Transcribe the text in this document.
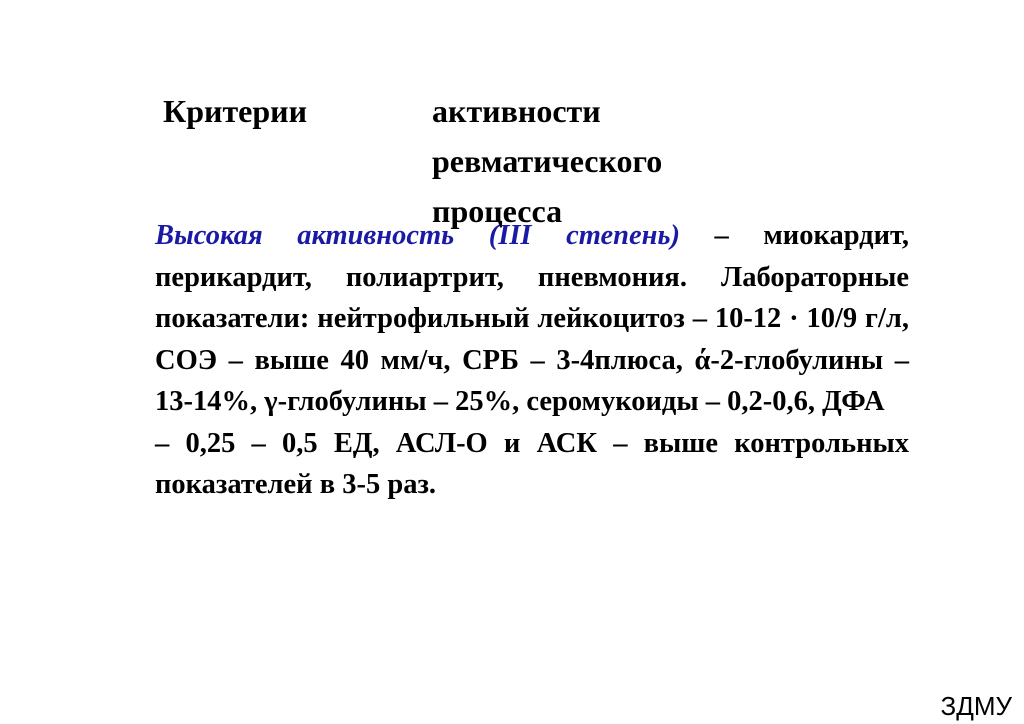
Критерии	активности
ревматического
процесса

Высокая активность (III степень) – миокардит, перикардит, полиартрит, пневмония. Лабораторные показатели: нейтрофильный лейкоцитоз – 10-12 · 10/9 г/л, СОЭ – выше 40 мм/ч, СРБ – 3-4плюса, ά-2-глобулины – 13-14%, γ-глобулины – 25%, серомукоиды – 0,2-0,6, ДФА

– 0,25 – 0,5 ЕД, АСЛ-О и АСК – выше контрольных показателей в 3-5 раз.

ЗДМУ
